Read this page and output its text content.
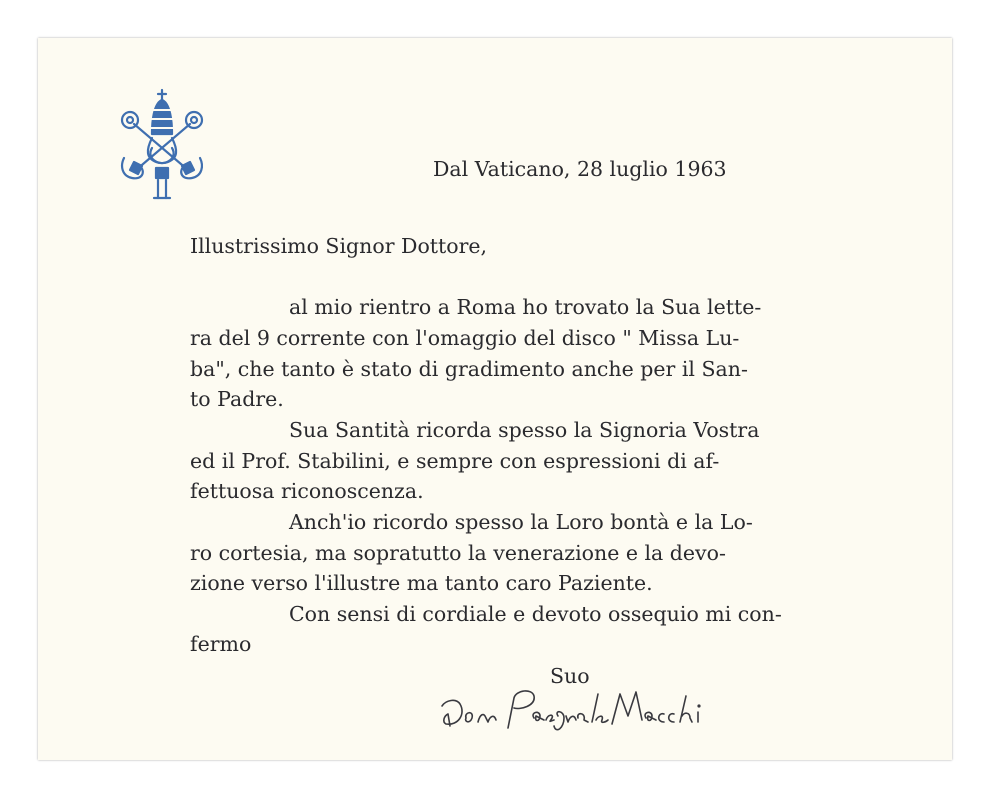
Dal Vaticano, 28 luglio 1963
Illustrissimo Signor Dottore,
al mio rientro a Roma ho trovato la Sua lette-
ra del 9 corrente con l'omaggio del disco " Missa Lu-
ba", che tanto è stato di gradimento anche per il San-
to Padre.
Sua Santità ricorda spesso la Signoria Vostra
ed il Prof. Stabilini, e sempre con espressioni di af-
fettuosa riconoscenza.
Anch'io ricordo spesso la Loro bontà e la Lo-
ro cortesia, ma sopratutto la venerazione e la devo-
zione verso l'illustre ma tanto caro Paziente.
Con sensi di cordiale e devoto ossequio mi con-
fermo
Suo
